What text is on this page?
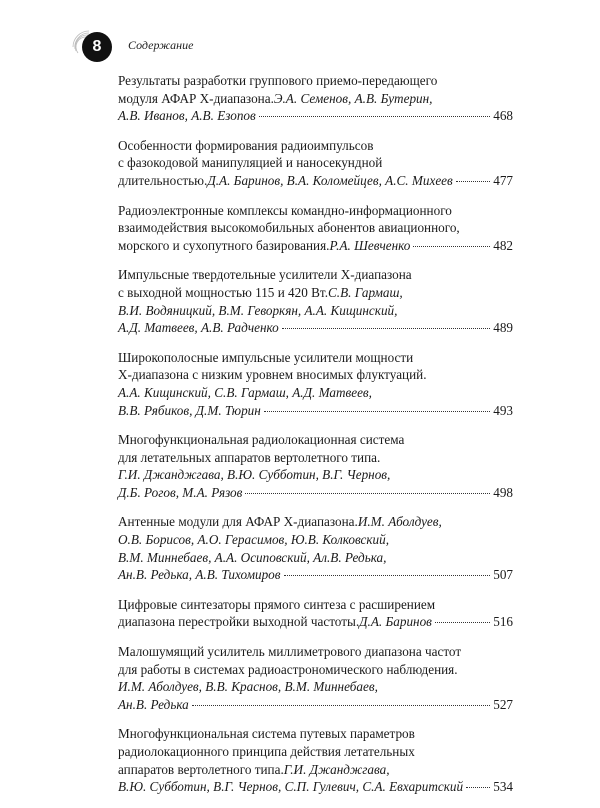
8	Содержание
Результаты разработки группового приемо-передающего
модуля АФАР Х-диапазона. Э.А. Семенов, А.В. Бутерин,
А.В. Иванов, А.В. Езопов	468
Особенности формирования радиоимпульсов
с фазокодовой манипуляцией и наносекундной
длительностью. Д.А. Баринов, В.А. Коломейцев, А.С. Михеев	477
Радиоэлектронные комплексы командно-информационного
взаимодействия высокомобильных абонентов авиационного,
морского и сухопутного базирования. Р.А. Шевченко	482
Импульсные твердотельные усилители Х-диапазона
с выходной мощностью 115 и 420 Вт. С.В. Гармаш,
В.И. Водяницкий, В.М. Геворкян, А.А. Кищинский,
А.Д. Матвеев, А.В. Радченко	489
Широкополосные импульсные усилители мощности
Х-диапазона с низким уровнем вносимых флуктуаций.
А.А. Кищинский, С.В. Гармаш, А.Д. Матвеев,
В.В. Рябиков, Д.М. Тюрин	493
Многофункциональная радиолокационная система
для летательных аппаратов вертолетного типа.
Г.И. Джанджгава, В.Ю. Субботин, В.Г. Чернов,
Д.Б. Рогов, М.А. Рязов	498
Антенные модули для АФАР Х-диапазона. И.М. Аболдуев,
О.В. Борисов, А.О. Герасимов, Ю.В. Колковский,
В.М. Миннебаев, А.А. Осиповский, Ал.В. Редька,
Ан.В. Редька, А.В. Тихомиров	507
Цифровые синтезаторы прямого синтеза с расширением
диапазона перестройки выходной частоты. Д.А. Баринов	516
Малошумящий усилитель миллиметрового диапазона частот
для работы в системах радиоастрономического наблюдения.
И.М. Аболдуев, В.В. Краснов, В.М. Миннебаев,
Ан.В. Редька	527
Многофункциональная система путевых параметров
радиолокационного принципа действия летательных
аппаратов вертолетного типа. Г.И. Джанджгава,
В.Ю. Субботин, В.Г. Чернов, С.П. Гулевич, С.А. Евхаритский 534
